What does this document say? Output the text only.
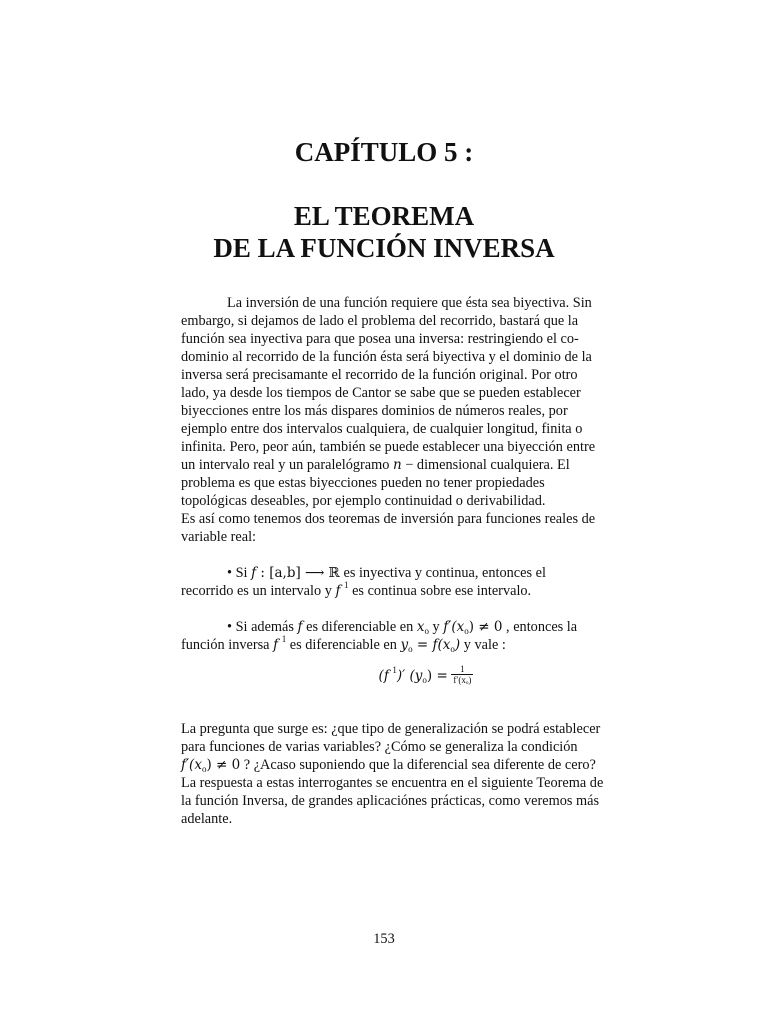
CAPÍTULO 5 :
EL TEOREMA
DE LA FUNCIÓN INVERSA
La inversión de una función requiere que ésta sea biyectiva. Sin
embargo, si dejamos de lado el problema del recorrido, bastará que la
función sea inyectiva para que posea una inversa: restringiendo el co-
dominio al recorrido de la función ésta será biyectiva y el dominio de la
inversa será precisamante el recorrido de la función original. Por otro
lado, ya desde los tiempos de Cantor se sabe que se pueden establecer
biyecciones entre los más dispares dominios de números reales, por
ejemplo entre dos intervalos cualquiera, de cualquier longitud, finita o
infinita. Pero, peor aún, también se puede establecer una biyección entre
un intervalo real y un paralelógramo n − dimensional cualquiera. El
problema es que estas biyecciones pueden no tener propiedades
topológicas deseables, por ejemplo continuidad o derivabilidad.
Es así como tenemos dos teoremas de inversión para funciones reales de
variable real:
• Si f : [a,b] ⟶ ℝ es inyectiva y continua, entonces el
recorrido es un intervalo y f $^1$ es continua sobre ese intervalo.
• Si además f es diferenciable en $x_o$ y $f'(x_o) \ne 0$ , entonces la
función inversa f $^1$ es diferenciable en $y_o = f(x_o)$ y vale :
(f $^1$)′ $(y_o) = \frac{1}{\text{f′(xₒ)}}$
La pregunta que surge es: ¿que tipo de generalización se podrá establecer
para funciones de varias variables? ¿Cómo se generaliza la condición
$f'(x_o) \ne 0$ ? ¿Acaso suponiendo que la diferencial sea diferente de cero?
La respuesta a estas interrogantes se encuentra en el siguiente Teorema de
la función Inversa, de grandes aplicaciónes prácticas, como veremos más
adelante.
153
